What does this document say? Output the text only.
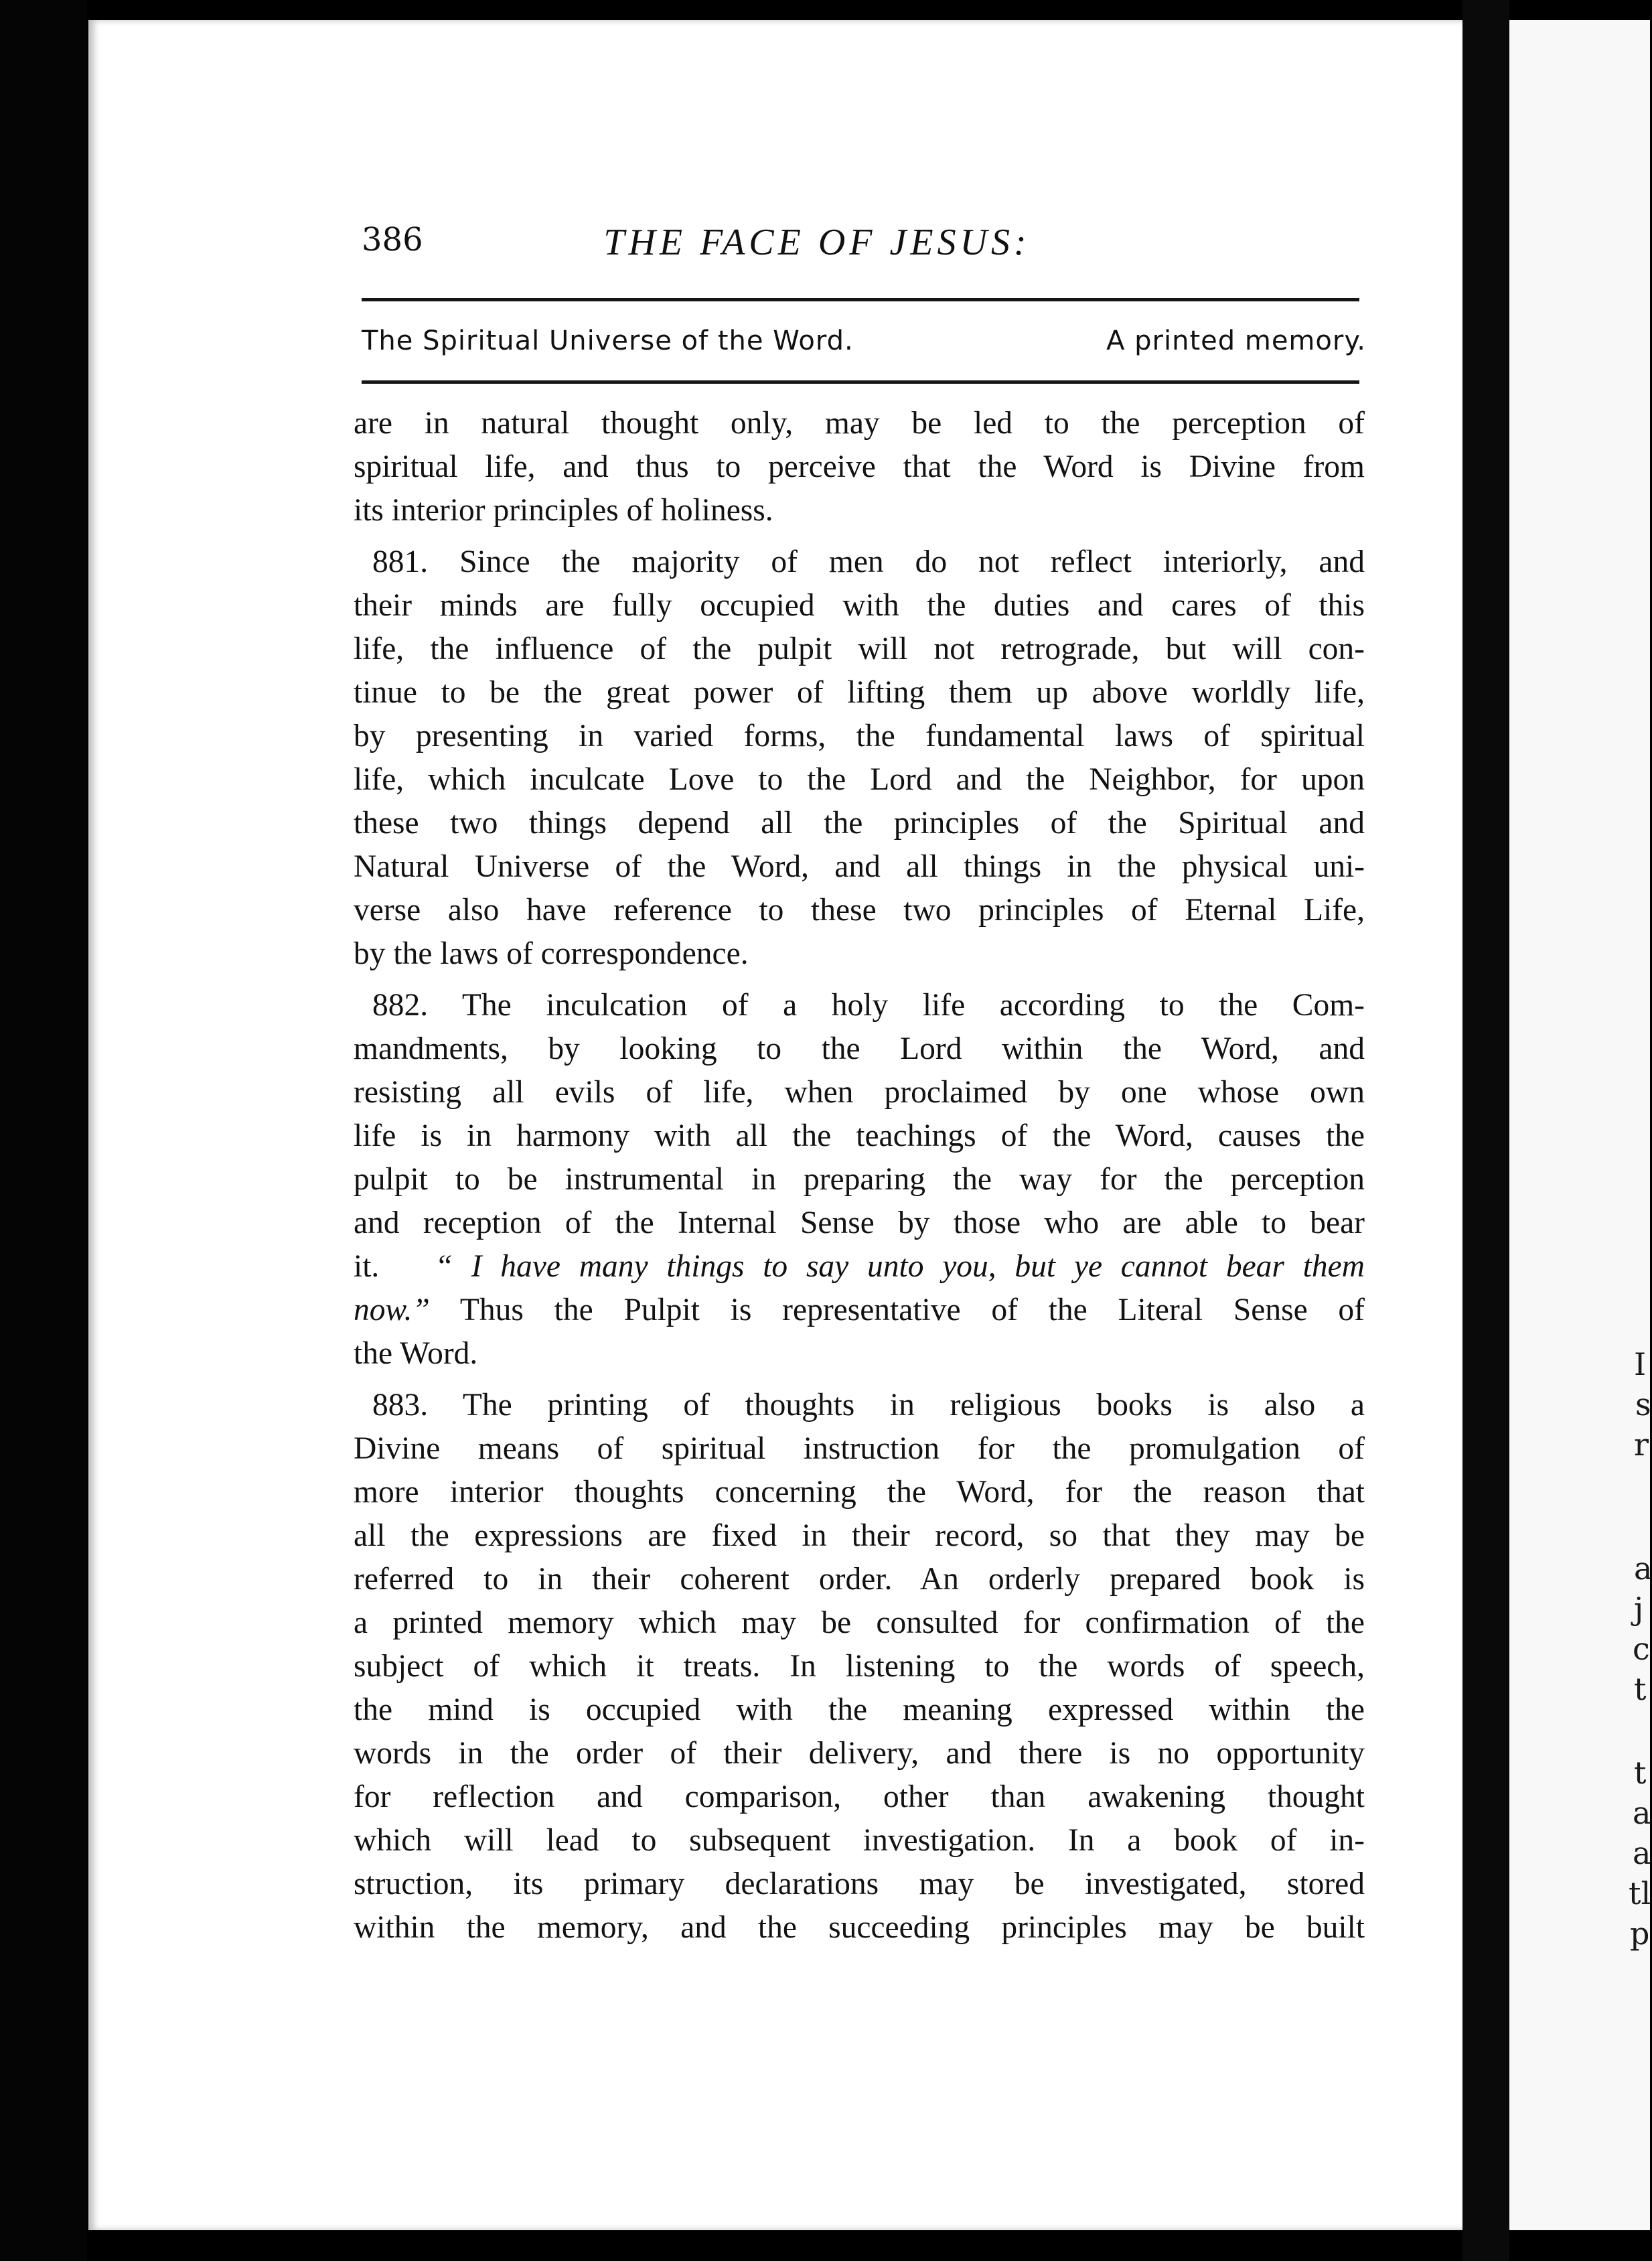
I
s
r
a
j
c
t
t
a
a
tl
p
386	THE FACE OF JESUS:
The Spiritual Universe of the Word.	A printed memory.
are in natural thought only, may be led to the perception of
spiritual life, and thus to perceive that the Word is Divine from
its interior principles of holiness.
881. Since the majority of men do not reflect interiorly, and
their minds are fully occupied with the duties and cares of this
life, the influence of the pulpit will not retrograde, but will con-
tinue to be the great power of lifting them up above worldly life,
by presenting in varied forms, the fundamental laws of spiritual
life, which inculcate Love to the Lord and the Neighbor, for upon
these two things depend all the principles of the Spiritual and
Natural Universe of the Word, and all things in the physical uni-
verse also have reference to these two principles of Eternal Life,
by the laws of correspondence.
882. The inculcation of a holy life according to the Com-
mandments, by looking to the Lord within the Word, and
resisting all evils of life, when proclaimed by one whose own
life is in harmony with all the teachings of the Word, causes the
pulpit to be instrumental in preparing the way for the perception
and reception of the Internal Sense by those who are able to bear
it. “ I have many things to say unto you, but ye cannot bear them
now.” Thus the Pulpit is representative of the Literal Sense of
the Word.
883. The printing of thoughts in religious books is also a
Divine means of spiritual instruction for the promulgation of
more interior thoughts concerning the Word, for the reason that
all the expressions are fixed in their record, so that they may be
referred to in their coherent order. An orderly prepared book is
a printed memory which may be consulted for confirmation of the
subject of which it treats. In listening to the words of speech,
the mind is occupied with the meaning expressed within the
words in the order of their delivery, and there is no opportunity
for reflection and comparison, other than awakening thought
which will lead to subsequent investigation. In a book of in-
struction, its primary declarations may be investigated, stored
within the memory, and the succeeding principles may be built
